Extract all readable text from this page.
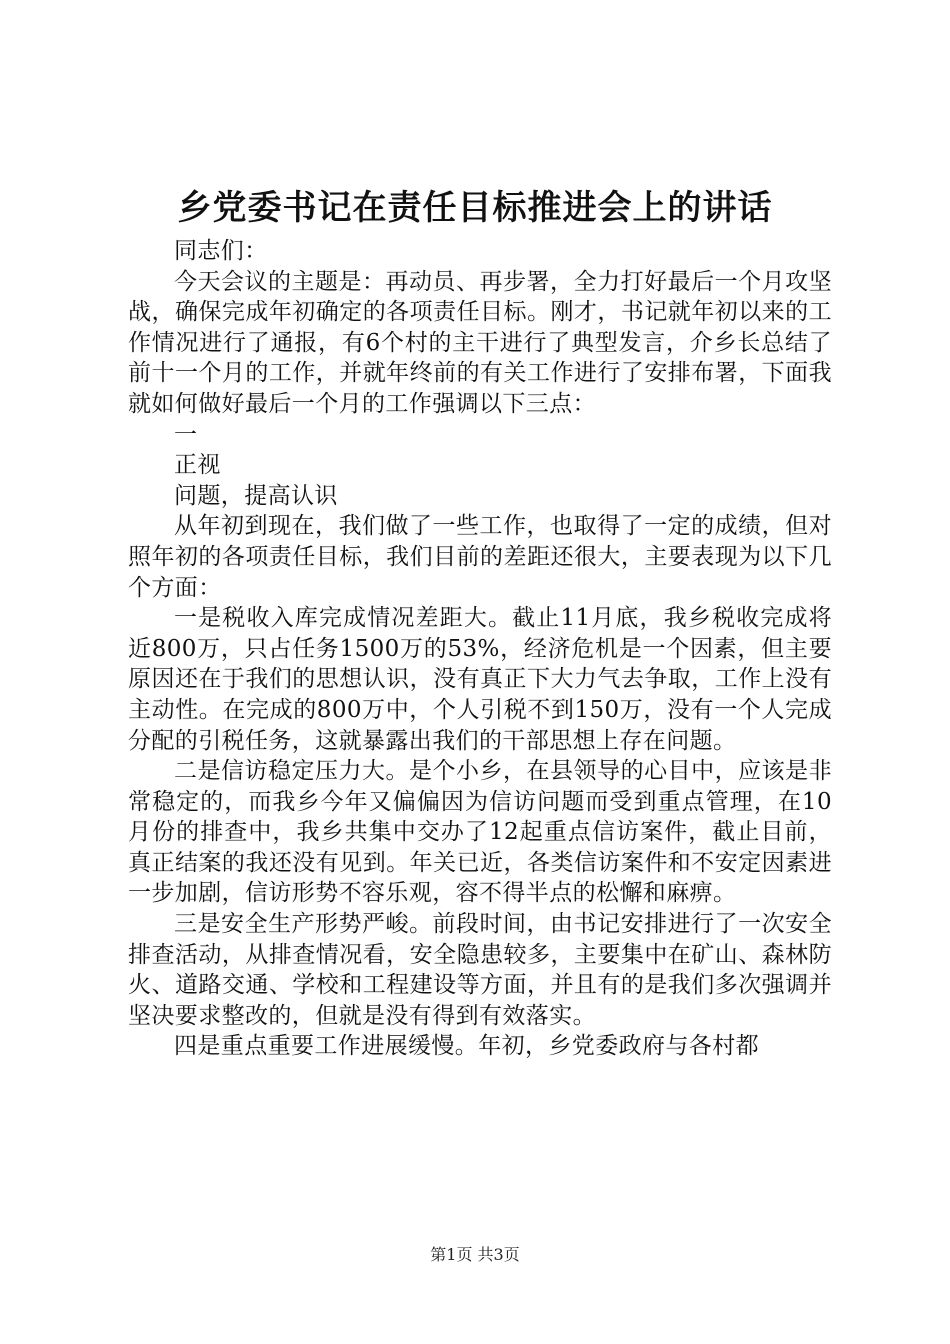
乡党委书记在责任目标推进会上的讲话

同志们：

今天会议的主题是：再动员、再步署，全力打好最后一个月攻坚战，确保完成年初确定的各项责任目标。刚才，书记就年初以来的工作情况进行了通报，有6个村的主干进行了典型发言，介乡长总结了前十一个月的工作，并就年终前的有关工作进行了安排布署，下面我就如何做好最后一个月的工作强调以下三点：

一

正视

问题，提高认识

从年初到现在，我们做了一些工作，也取得了一定的成绩，但对照年初的各项责任目标，我们目前的差距还很大，主要表现为以下几个方面：

一是税收入库完成情况差距大。截止11月底，我乡税收完成将近800万，只占任务1500万的53%，经济危机是一个因素，但主要原因还在于我们的思想认识，没有真正下大力气去争取，工作上没有主动性。在完成的800万中，个人引税不到150万，没有一个人完成分配的引税任务，这就暴露出我们的干部思想上存在问题。

二是信访稳定压力大。是个小乡，在县领导的心目中，应该是非常稳定的，而我乡今年又偏偏因为信访问题而受到重点管理，在10月份的排查中，我乡共集中交办了12起重点信访案件，截止目前，真正结案的我还没有见到。年关已近，各类信访案件和不安定因素进一步加剧，信访形势不容乐观，容不得半点的松懈和麻痹。

三是安全生产形势严峻。前段时间，由书记安排进行了一次安全排查活动，从排查情况看，安全隐患较多，主要集中在矿山、森林防火、道路交通、学校和工程建设等方面，并且有的是我们多次强调并坚决要求整改的，但就是没有得到有效落实。

四是重点重要工作进展缓慢。年初，乡党委政府与各村都

第1页 共3页
